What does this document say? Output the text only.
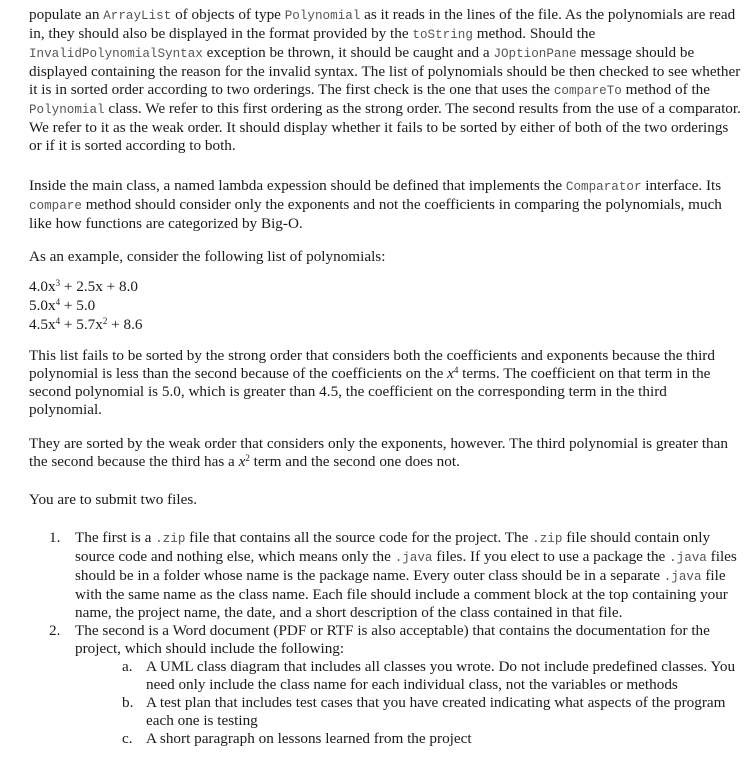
populate an ArrayList of objects of type Polynomial as it reads in the lines of the file. As the polynomials are read in, they should also be displayed in the format provided by the toString method. Should the InvalidPolynomialSyntax exception be thrown, it should be caught and a JOptionPane message should be displayed containing the reason for the invalid syntax. The list of polynomials should be then checked to see whether it is in sorted order according to two orderings. The first check is the one that uses the compareTo method of the Polynomial class. We refer to this first ordering as the strong order. The second results from the use of a comparator. We refer to it as the weak order. It should display whether it fails to be sorted by either of both of the two orderings or if it is sorted according to both.

Inside the main class, a named lambda expession should be defined that implements the Comparator interface. Its compare method should consider only the exponents and not the coefficients in comparing the polynomials, much like how functions are categorized by Big-O.

As an example, consider the following list of polynomials:

$4.0x^3 + 2.5x + 8.0$
$5.0x^4 + 5.0$
$4.5x^4 + 5.7x^2 + 8.6$

This list fails to be sorted by the strong order that considers both the coefficients and exponents because the third polynomial is less than the second because of the coefficients on the $x^4$ terms. The coefficient on that term in the second polynomial is 5.0, which is greater than 4.5, the coefficient on the corresponding term in the third polynomial.

They are sorted by the weak order that considers only the exponents, however. The third polynomial is greater than the second because the third has a $x^2$ term and the second one does not.

You are to submit two files.

1. The first is a .zip file that contains all the source code for the project. The .zip file should contain only source code and nothing else, which means only the .java files. If you elect to use a package the .java files should be in a folder whose name is the package name. Every outer class should be in a separate .java file with the same name as the class name. Each file should include a comment block at the top containing your name, the project name, the date, and a short description of the class contained in that file.
2. The second is a Word document (PDF or RTF is also acceptable) that contains the documentation for the project, which should include the following:
a. A UML class diagram that includes all classes you wrote. Do not include predefined classes. You need only include the class name for each individual class, not the variables or methods
b. A test plan that includes test cases that you have created indicating what aspects of the program each one is testing
c. A short paragraph on lessons learned from the project
